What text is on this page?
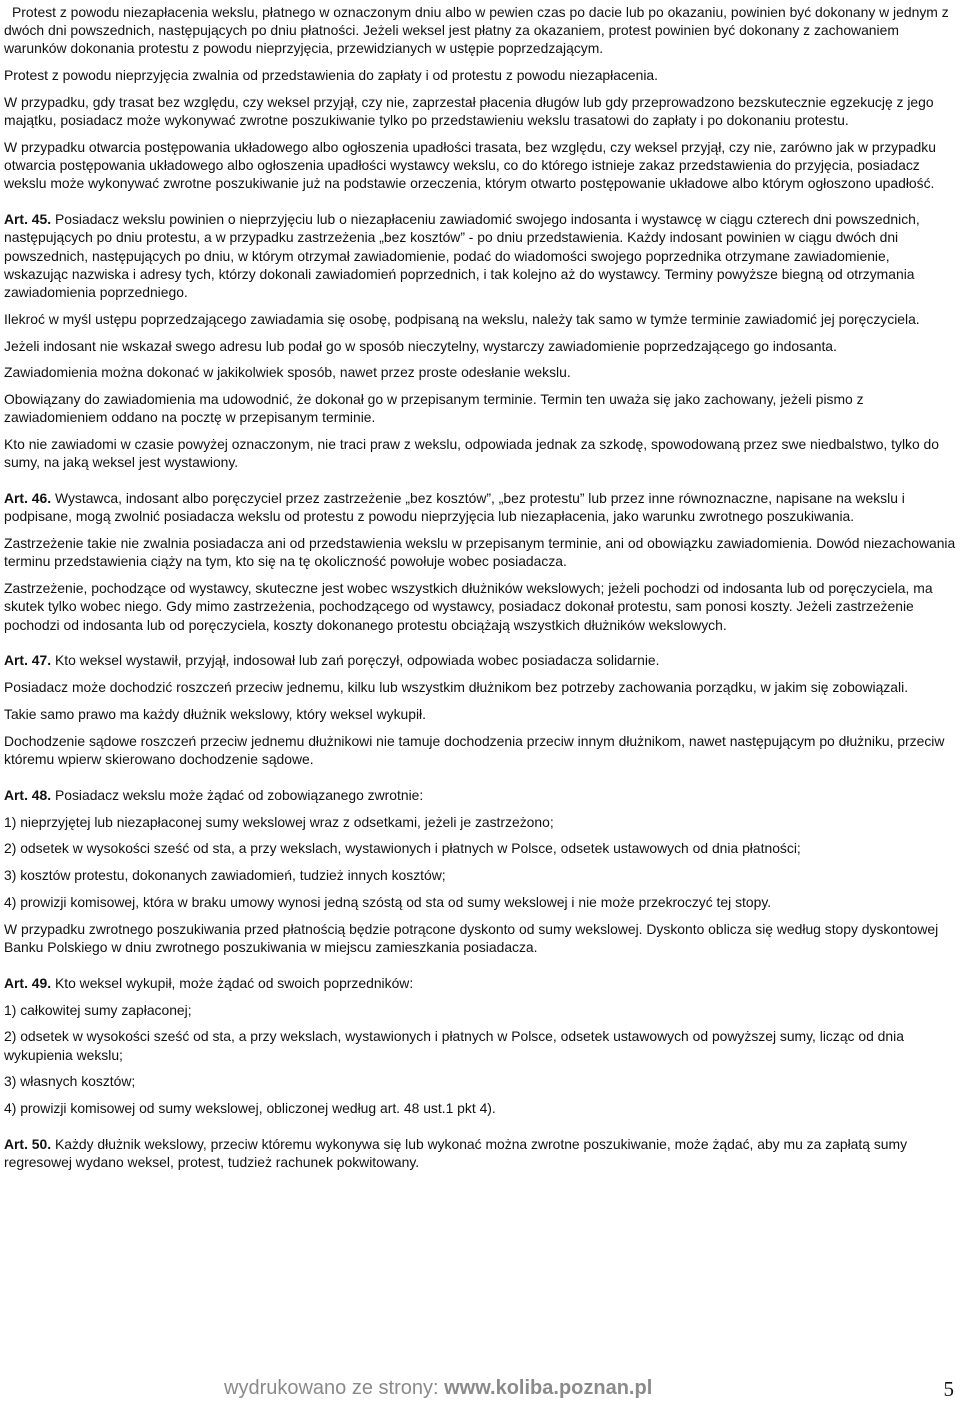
Protest z powodu niezapłacenia wekslu, płatnego w oznaczonym dniu albo w pewien czas po dacie lub po okazaniu, powinien być dokonany w jednym z dwóch dni powszednich, następujących po dniu płatności. Jeżeli weksel jest płatny za okazaniem, protest powinien być dokonany z zachowaniem warunków dokonania protestu z powodu nieprzyjęcia, przewidzianych w ustępie poprzedzającym.

Protest z powodu nieprzyjęcia zwalnia od przedstawienia do zapłaty i od protestu z powodu niezapłacenia.

W przypadku, gdy trasat bez względu, czy weksel przyjął, czy nie, zaprzestał płacenia długów lub gdy przeprowadzono bezskutecznie egzekucję z jego majątku, posiadacz może wykonywać zwrotne poszukiwanie tylko po przedstawieniu wekslu trasatowi do zapłaty i po dokonaniu protestu.

W przypadku otwarcia postępowania układowego albo ogłoszenia upadłości trasata, bez względu, czy weksel przyjął, czy nie, zarówno jak w przypadku otwarcia postępowania układowego albo ogłoszenia upadłości wystawcy wekslu, co do którego istnieje zakaz przedstawienia do przyjęcia, posiadacz wekslu może wykonywać zwrotne poszukiwanie już na podstawie orzeczenia, którym otwarto postępowanie układowe albo którym ogłoszono upadłość.

Art. 45. Posiadacz wekslu powinien o nieprzyjęciu lub o niezapłaceniu zawiadomić swojego indosanta i wystawcę w ciągu czterech dni powszednich, następujących po dniu protestu, a w przypadku zastrzeżenia „bez kosztów” - po dniu przedstawienia. Każdy indosant powinien w ciągu dwóch dni powszednich, następujących po dniu, w którym otrzymał zawiadomienie, podać do wiadomości swojego poprzednika otrzymane zawiadomienie, wskazując nazwiska i adresy tych, którzy dokonali zawiadomień poprzednich, i tak kolejno aż do wystawcy. Terminy powyższe biegną od otrzymania zawiadomienia poprzedniego.

Ilekroć w myśl ustępu poprzedzającego zawiadamia się osobę, podpisaną na wekslu, należy tak samo w tymże terminie zawiadomić jej poręczyciela.

Jeżeli indosant nie wskazał swego adresu lub podał go w sposób nieczytelny, wystarczy zawiadomienie poprzedzającego go indosanta.

Zawiadomienia można dokonać w jakikolwiek sposób, nawet przez proste odesłanie wekslu.

Obowiązany do zawiadomienia ma udowodnić, że dokonał go w przepisanym terminie. Termin ten uważa się jako zachowany, jeżeli pismo z zawiadomieniem oddano na pocztę w przepisanym terminie.

Kto nie zawiadomi w czasie powyżej oznaczonym, nie traci praw z wekslu, odpowiada jednak za szkodę, spowodowaną przez swe niedbalstwo, tylko do sumy, na jaką weksel jest wystawiony.

Art. 46. Wystawca, indosant albo poręczyciel przez zastrzeżenie „bez kosztów”, „bez protestu” lub przez inne równoznaczne, napisane na wekslu i podpisane, mogą zwolnić posiadacza wekslu od protestu z powodu nieprzyjęcia lub niezapłacenia, jako warunku zwrotnego poszukiwania.

Zastrzeżenie takie nie zwalnia posiadacza ani od przedstawienia wekslu w przepisanym terminie, ani od obowiązku zawiadomienia. Dowód niezachowania terminu przedstawienia ciąży na tym, kto się na tę okoliczność powołuje wobec posiadacza.

Zastrzeżenie, pochodzące od wystawcy, skuteczne jest wobec wszystkich dłużników wekslowych; jeżeli pochodzi od indosanta lub od poręczyciela, ma skutek tylko wobec niego. Gdy mimo zastrzeżenia, pochodzącego od wystawcy, posiadacz dokonał protestu, sam ponosi koszty. Jeżeli zastrzeżenie pochodzi od indosanta lub od poręczyciela, koszty dokonanego protestu obciążają wszystkich dłużników wekslowych.

Art. 47. Kto weksel wystawił, przyjął, indosował lub zań poręczył, odpowiada wobec posiadacza solidarnie.

Posiadacz może dochodzić roszczeń przeciw jednemu, kilku lub wszystkim dłużnikom bez potrzeby zachowania porządku, w jakim się zobowiązali.

Takie samo prawo ma każdy dłużnik wekslowy, który weksel wykupił.

Dochodzenie sądowe roszczeń przeciw jednemu dłużnikowi nie tamuje dochodzenia przeciw innym dłużnikom, nawet następującym po dłużniku, przeciw któremu wpierw skierowano dochodzenie sądowe.

Art. 48. Posiadacz wekslu może żądać od zobowiązanego zwrotnie:

1) nieprzyjętej lub niezapłaconej sumy wekslowej wraz z odsetkami, jeżeli je zastrzeżono;

2) odsetek w wysokości sześć od sta, a przy wekslach, wystawionych i płatnych w Polsce, odsetek ustawowych od dnia płatności;

3) kosztów protestu, dokonanych zawiadomień, tudzież innych kosztów;

4) prowizji komisowej, która w braku umowy wynosi jedną szóstą od sta od sumy wekslowej i nie może przekroczyć tej stopy.

W przypadku zwrotnego poszukiwania przed płatnością będzie potrącone dyskonto od sumy wekslowej. Dyskonto oblicza się według stopy dyskontowej Banku Polskiego w dniu zwrotnego poszukiwania w miejscu zamieszkania posiadacza.

Art. 49. Kto weksel wykupił, może żądać od swoich poprzedników:

1) całkowitej sumy zapłaconej;

2) odsetek w wysokości sześć od sta, a przy wekslach, wystawionych i płatnych w Polsce, odsetek ustawowych od powyższej sumy, licząc od dnia wykupienia wekslu;

3) własnych kosztów;

4) prowizji komisowej od sumy wekslowej, obliczonej według art. 48 ust.1 pkt 4).

Art. 50. Każdy dłużnik wekslowy, przeciw któremu wykonywa się lub wykonać można zwrotne poszukiwanie, może żądać, aby mu za zapłatą sumy regresowej wydano weksel, protest, tudzież rachunek pokwitowany.

wydrukowano ze strony: www.koliba.poznan.pl	5
